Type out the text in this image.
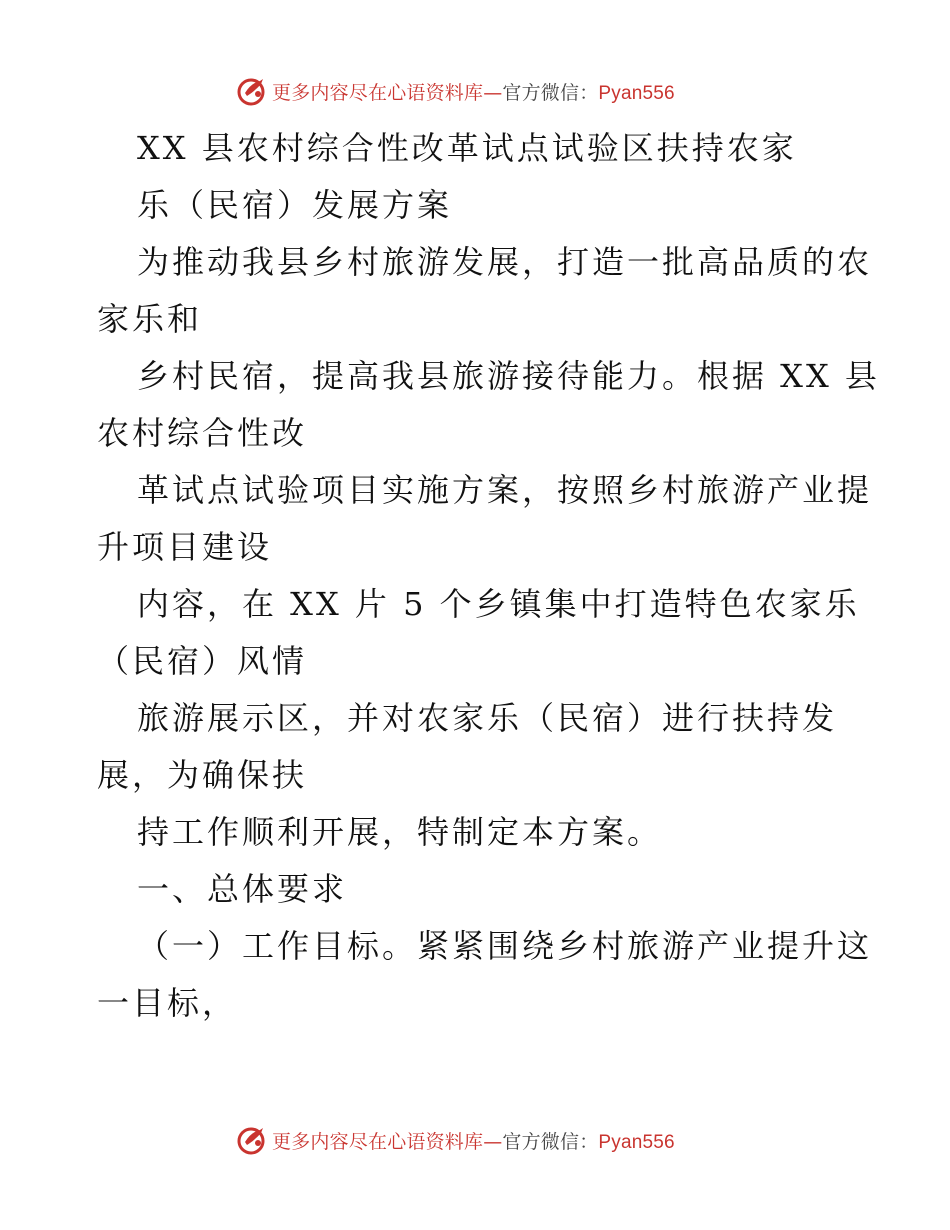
更多内容尽在心语资料库—官方微信：Pyan556
XX 县农村综合性改革试点试验区扶持农家
乐（民宿）发展方案
为推动我县乡村旅游发展，打造一批高品质的农
家乐和
乡村民宿，提高我县旅游接待能力。根据 XX 县
农村综合性改
革试点试验项目实施方案，按照乡村旅游产业提
升项目建设
内容，在 XX 片 5 个乡镇集中打造特色农家乐
（民宿）风情
旅游展示区，并对农家乐（民宿）进行扶持发
展，为确保扶
持工作顺利开展，特制定本方案。
一、总体要求
（一）工作目标。紧紧围绕乡村旅游产业提升这
一目标，
更多内容尽在心语资料库—官方微信：Pyan556
